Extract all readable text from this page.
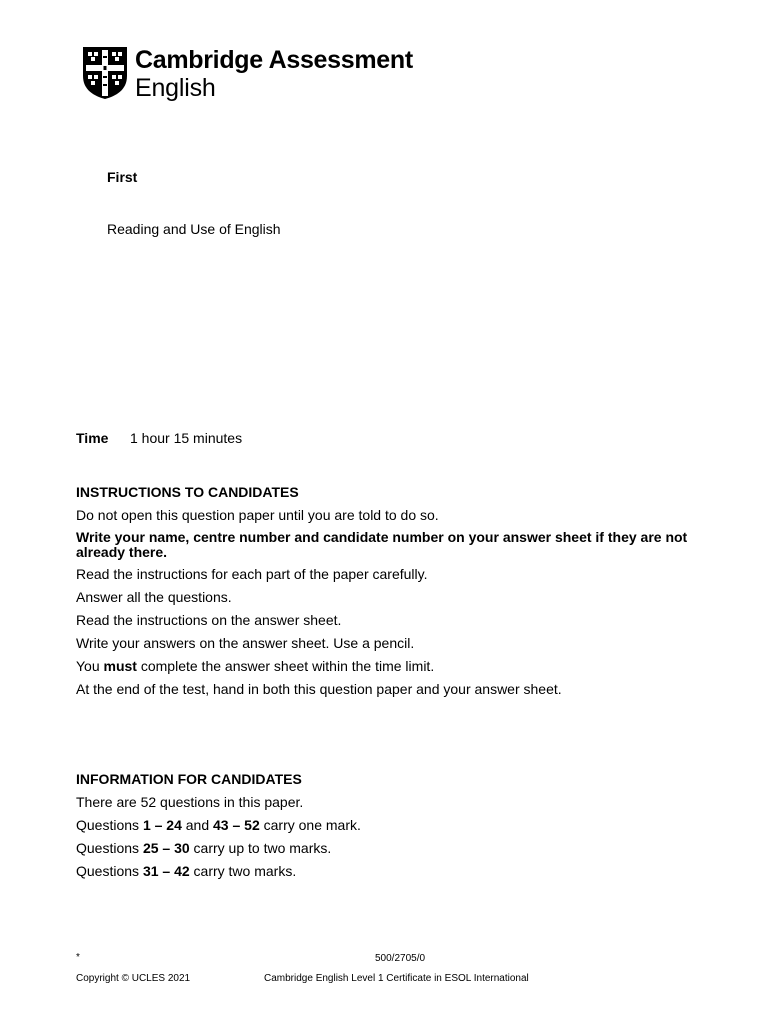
Cambridge Assessment
English
First
Reading and Use of English
Time 1 hour 15 minutes

INSTRUCTIONS TO CANDIDATES

Do not open this question paper until you are told to do so.

Write your name, centre number and candidate number on your answer sheet if they are not already there.

Read the instructions for each part of the paper carefully.

Answer all the questions.

Read the instructions on the answer sheet.

Write your answers on the answer sheet. Use a pencil.

You must complete the answer sheet within the time limit.

At the end of the test, hand in both this question paper and your answer sheet.

INFORMATION FOR CANDIDATES

There are 52 questions in this paper.

Questions 1 – 24 and 43 – 52 carry one mark.

Questions 25 – 30 carry up to two marks.

Questions 31 – 42 carry two marks.

*	500/2705/0
Copyright © UCLES 2021	Cambridge English Level 1 Certificate in ESOL International
